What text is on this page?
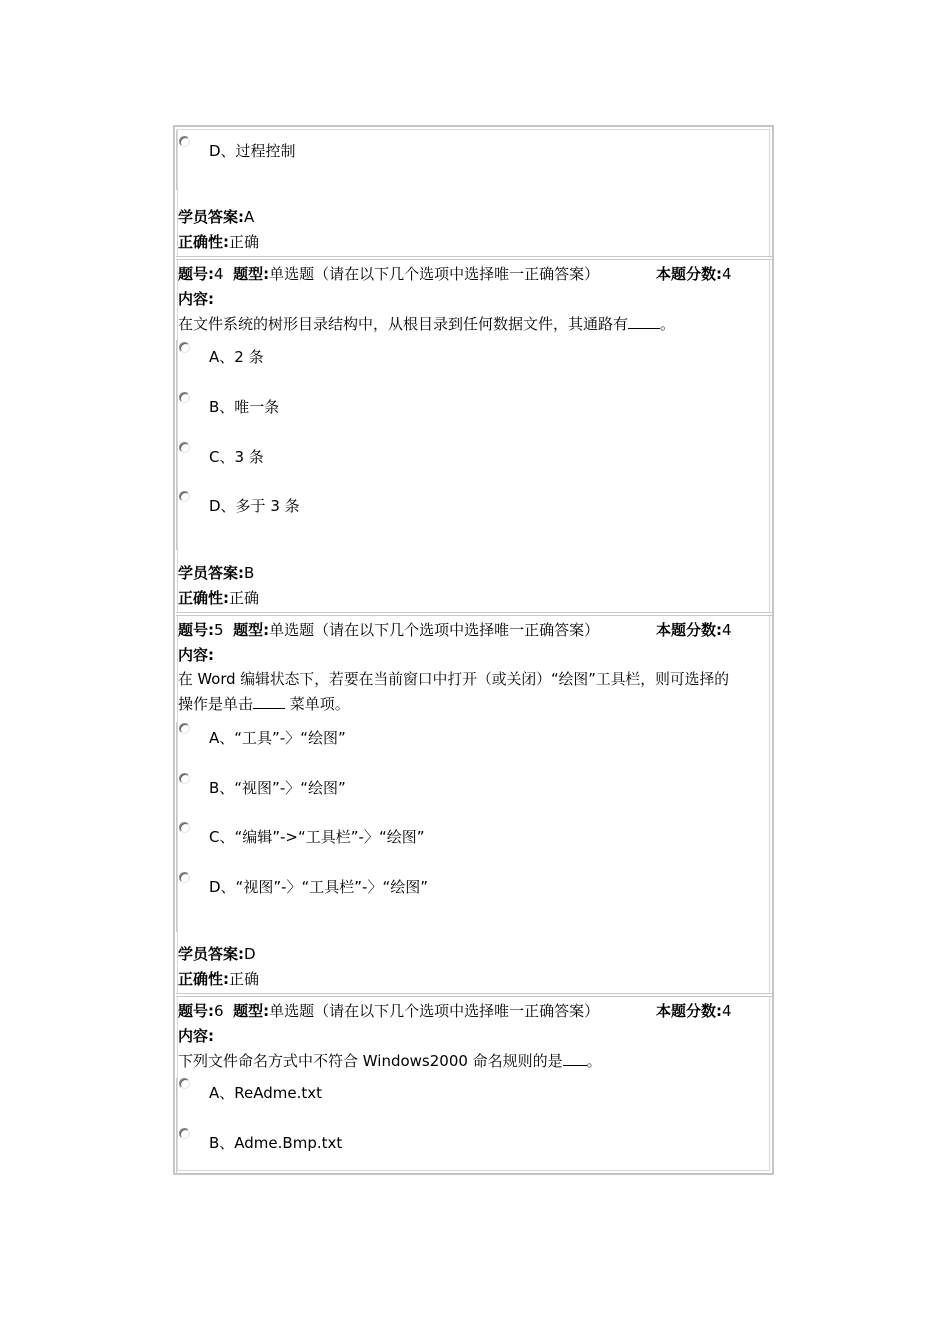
D、过程控制
学员答案:A
正确性:正确
题号:4 题型:单选题（请在以下几个选项中选择唯一正确答案）	本题分数:4
内容:
在文件系统的树形目录结构中，从根目录到任何数据文件，其通路有 。
A、2 条
B、唯一条
C、3 条
D、多于 3 条
学员答案:B
正确性:正确
题号:5 题型:单选题（请在以下几个选项中选择唯一正确答案）	本题分数:4
内容:
在 Word 编辑状态下，若要在当前窗口中打开（或关闭）“绘图”工具栏，则可选择的
操作是单击 菜单项。
A、“工具”-〉“绘图”
B、“视图”-〉“绘图”
C、“编辑”->“工具栏”-〉“绘图”
D、“视图”-〉“工具栏”-〉“绘图”
学员答案:D
正确性:正确
题号:6 题型:单选题（请在以下几个选项中选择唯一正确答案）	本题分数:4
内容:
下列文件命名方式中不符合 Windows2000 命名规则的是 。
A、ReAdme.txt
B、Adme.Bmp.txt
